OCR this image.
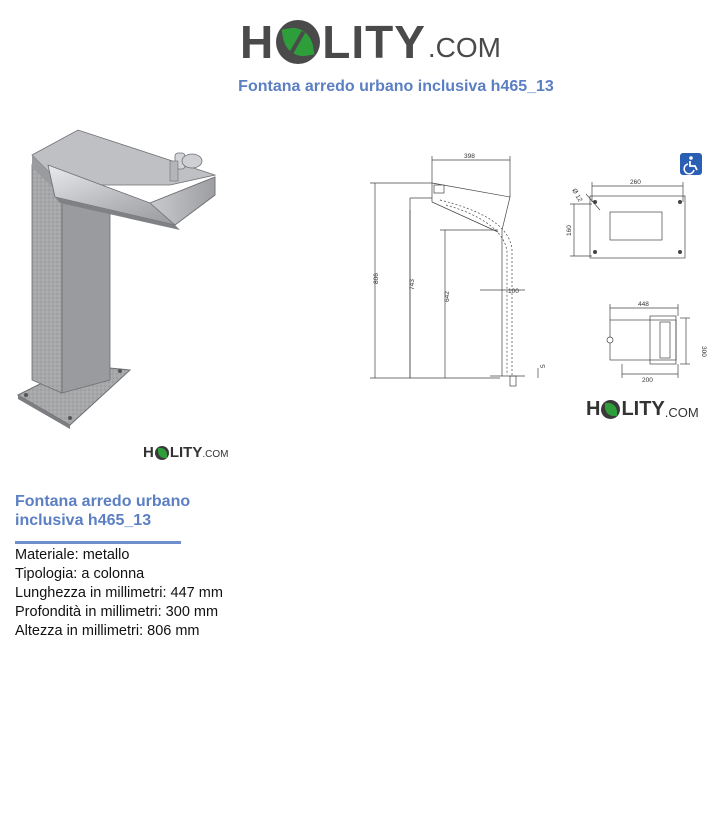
H LITY .COM
Fontana arredo urbano inclusiva h465_13
H LITY .COM
398
806
743
642	100
5
Ø 12
260
160
448
300
200
H LITY .COM
Fontana arredo urbano inclusiva h465_13
Materiale: metallo
Tipologia: a colonna
Lunghezza in millimetri: 447 mm
Profondità in millimetri: 300 mm
Altezza in millimetri: 806 mm
